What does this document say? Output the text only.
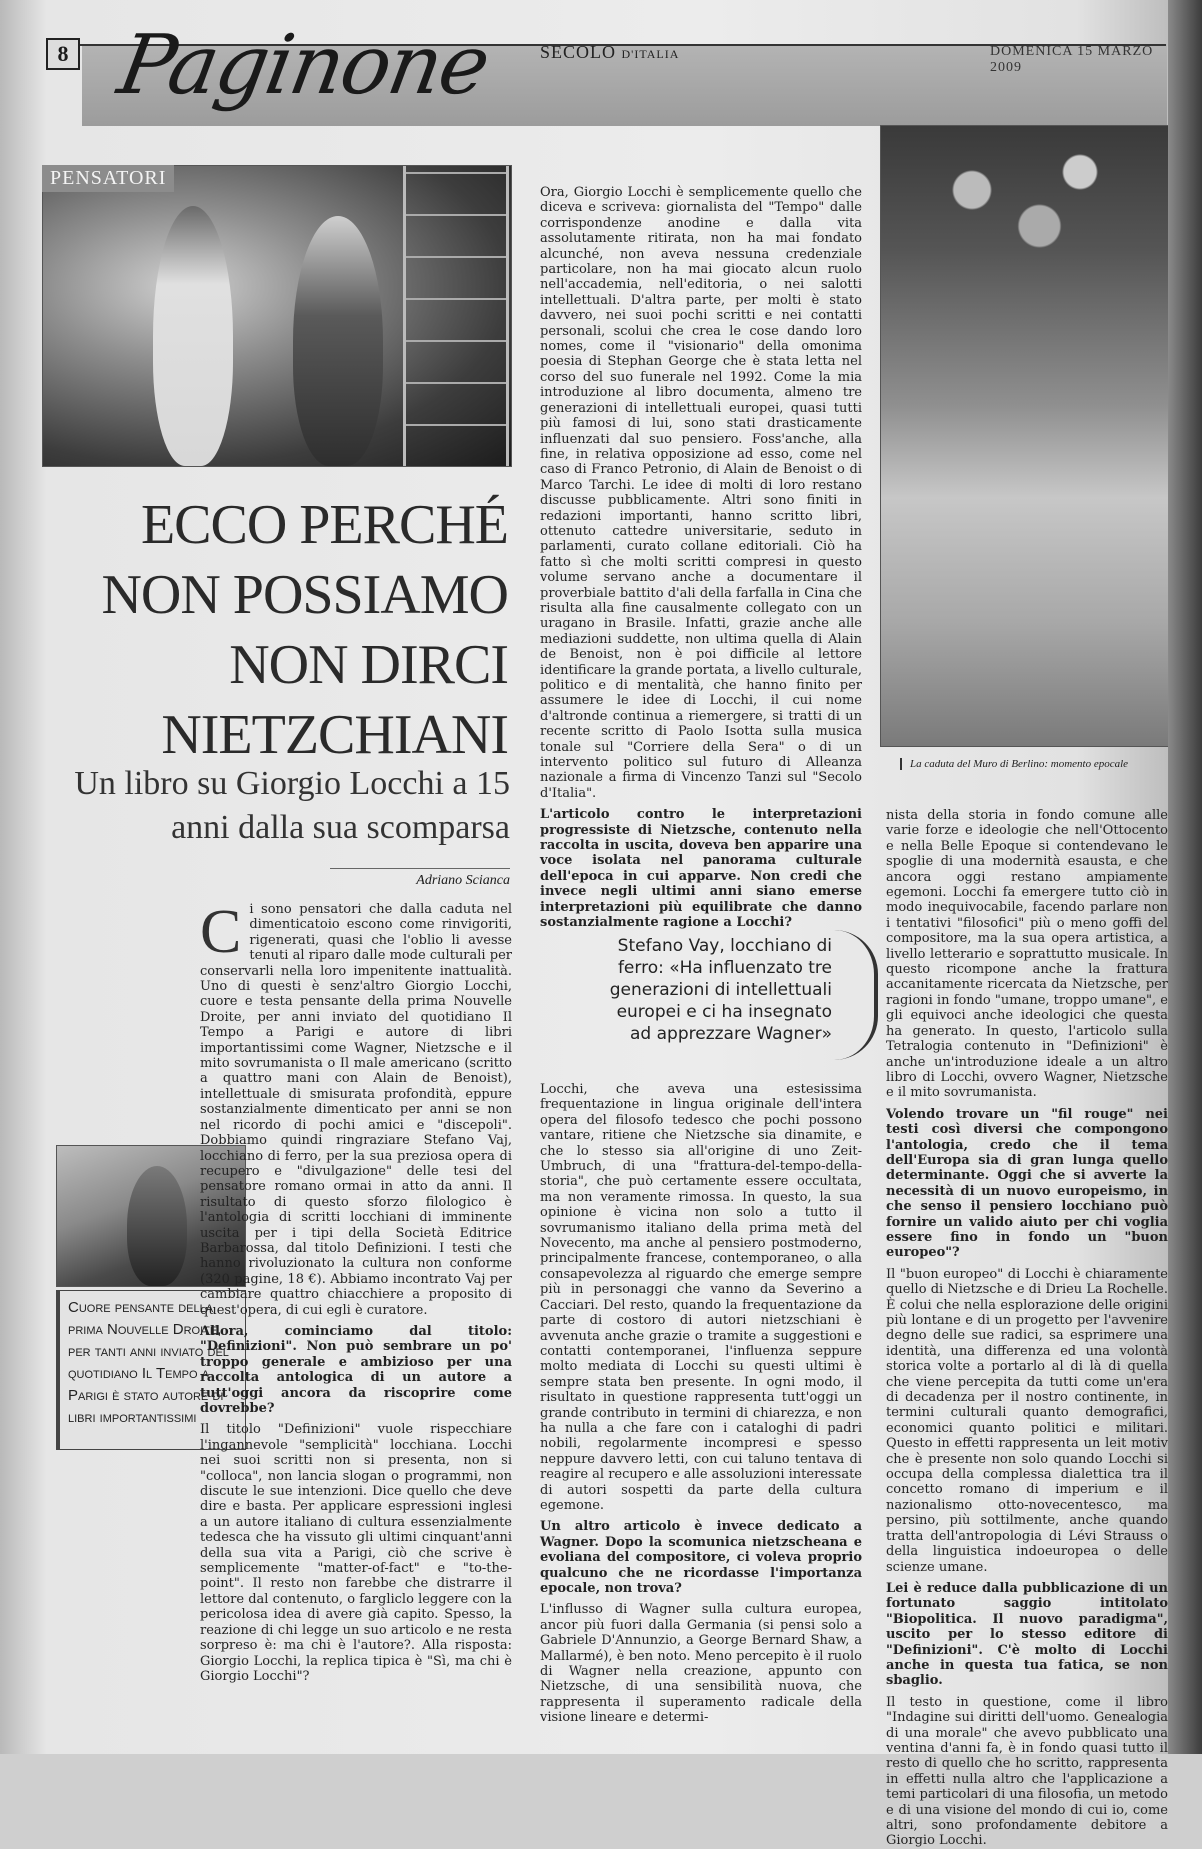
8 Paginone SECOLO D'ITALIA	DOMENICA 15 MARZO 2009
PENSATORI
La caduta del Muro di Berlino: momento epocale
ECCO PERCHÉ NON POSSIAMO NON DIRCI NIETZCHIANI
Un libro su Giorgio Locchi a 15 anni dalla sua scomparsa
Adriano Scianca
Cuore pensante della prima Nouvelle Droite, per tanti anni inviato del quotidiano Il Tempo a Parigi è stato autore di libri importantissimi
C i sono pensatori che dalla caduta nel dimenticatoio escono come rinvigoriti, rigenerati, quasi che l'oblio li avesse tenuti al riparo dalle mode culturali per conservarli nella loro impenitente inattualità. Uno di questi è senz'altro Giorgio Locchi, cuore e testa pensante della prima Nouvelle Droite, per anni inviato del quotidiano Il Tempo a Parigi e autore di libri importantissimi come Wagner, Nietzsche e il mito sovrumanista o Il male americano (scritto a quattro mani con Alain de Benoist), intellettuale di smisurata profondità, eppure sostanzialmente dimenticato per anni se non nel ricordo di pochi amici e "discepoli". Dobbiamo quindi ringraziare Stefano Vaj, locchiano di ferro, per la sua preziosa opera di recupero e "divulgazione" delle tesi del pensatore romano ormai in atto da anni. Il risultato di questo sforzo filologico è l'antologia di scritti locchiani di imminente uscita per i tipi della Società Editrice Barbarossa, dal titolo Definizioni. I testi che hanno rivoluzionato la cultura non conforme (320 pagine, 18 €). Abbiamo incontrato Vaj per cambiare quattro chiacchiere a proposito di quest'opera, di cui egli è curatore.

Allora, cominciamo dal titolo: "Definizioni". Non può sembrare un po' troppo generale e ambizioso per una raccolta antologica di un autore a tutt'oggi ancora da riscoprire come dovrebbe?

Il titolo "Definizioni" vuole rispecchiare l'ingannevole "semplicità" locchiana. Locchi nei suoi scritti non si presenta, non si "colloca", non lancia slogan o programmi, non discute le sue intenzioni. Dice quello che deve dire e basta. Per applicare espressioni inglesi a un autore italiano di cultura essenzialmente tedesca che ha vissuto gli ultimi cinquant'anni della sua vita a Parigi, ciò che scrive è semplicemente "matter-of-fact" e "to-the-point". Il resto non farebbe che distrarre il lettore dal contenuto, o fargliclo leggere con la pericolosa idea di avere già capito. Spesso, la reazione di chi legge un suo articolo e ne resta sorpreso è: ma chi è l'autore?. Alla risposta: Giorgio Locchi, la replica tipica è "Sì, ma chi è Giorgio Locchi"?

Ora, Giorgio Locchi è semplicemente quello che diceva e scriveva: giornalista del "Tempo" dalle corrispondenze anodine e dalla vita assolutamente ritirata, non ha mai fondato alcunché, non aveva nessuna credenziale particolare, non ha mai giocato alcun ruolo nell'accademia, nell'editoria, o nei salotti intellettuali. D'altra parte, per molti è stato davvero, nei suoi pochi scritti e nei contatti personali, scolui che crea le cose dando loro nomes, come il "visionario" della omonima poesia di Stephan George che è stata letta nel corso del suo funerale nel 1992. Come la mia introduzione al libro documenta, almeno tre generazioni di intellettuali europei, quasi tutti più famosi di lui, sono stati drasticamente influenzati dal suo pensiero. Foss'anche, alla fine, in relativa opposizione ad esso, come nel caso di Franco Petronio, di Alain de Benoist o di Marco Tarchi. Le idee di molti di loro restano discusse pubblicamente. Altri sono finiti in redazioni importanti, hanno scritto libri, ottenuto cattedre universitarie, seduto in parlamenti, curato collane editoriali. Ciò ha fatto sì che molti scritti compresi in questo volume servano anche a documentare il proverbiale battito d'ali della farfalla in Cina che risulta alla fine causalmente collegato con un uragano in Brasile. Infatti, grazie anche alle mediazioni suddette, non ultima quella di Alain de Benoist, non è poi difficile al lettore identificare la grande portata, a livello culturale, politico e di mentalità, che hanno finito per assumere le idee di Locchi, il cui nome d'altronde continua a riemergere, si tratti di un recente scritto di Paolo Isotta sulla musica tonale sul "Corriere della Sera" o di un intervento politico sul futuro di Alleanza nazionale a firma di Vincenzo Tanzi sul "Secolo d'Italia".

L'articolo contro le interpretazioni progressiste di Nietzsche, contenuto nella raccolta in uscita, doveva ben apparire una voce isolata nel panorama culturale dell'epoca in cui apparve. Non credi che invece negli ultimi anni siano emerse interpretazioni più equilibrate che danno sostanzialmente ragione a Locchi?

Stefano Vay, locchiano di ferro: «Ha influenzato tre generazioni di intellettuali europei e ci ha insegnato ad apprezzare Wagner»

Locchi, che aveva una estesissima frequentazione in lingua originale dell'intera opera del filosofo tedesco che pochi possono vantare, ritiene che Nietzsche sia dinamite, e che lo stesso sia all'origine di uno Zeit-Umbruch, di una "frattura-del-tempo-della-storia", che può certamente essere occultata, ma non veramente rimossa. In questo, la sua opinione è vicina non solo a tutto il sovrumanismo italiano della prima metà del Novecento, ma anche al pensiero postmoderno, principalmente francese, contemporaneo, o alla consapevolezza al riguardo che emerge sempre più in personaggi che vanno da Severino a Cacciari. Del resto, quando la frequentazione da parte di costoro di autori nietzschiani è avvenuta anche grazie o tramite a suggestioni e contatti contemporanei, l'influenza seppure molto mediata di Locchi su questi ultimi è sempre stata ben presente. In ogni modo, il risultato in questione rappresenta tutt'oggi un grande contributo in termini di chiarezza, e non ha nulla a che fare con i cataloghi di padri nobili, regolarmente incompresi e spesso neppure davvero letti, con cui taluno tentava di reagire al recupero e alle assoluzioni interessate di autori sospetti da parte della cultura egemone.

Un altro articolo è invece dedicato a Wagner. Dopo la scomunica nietzscheana e evoliana del compositore, ci voleva proprio qualcuno che ne ricordasse l'importanza epocale, non trova?

L'influsso di Wagner sulla cultura europea, ancor più fuori dalla Germania (si pensi solo a Gabriele D'Annunzio, a George Bernard Shaw, a Mallarmé), è ben noto. Meno percepito è il ruolo di Wagner nella creazione, appunto con Nietzsche, di una sensibilità nuova, che rappresenta il superamento radicale della visione lineare e determi-

nista della storia in fondo comune alle varie forze e ideologie che nell'Ottocento e nella Belle Epoque si contendevano le spoglie di una modernità esausta, e che ancora oggi restano ampiamente egemoni. Locchi fa emergere tutto ciò in modo inequivocabile, facendo parlare non i tentativi "filosofici" più o meno goffi del compositore, ma la sua opera artistica, a livello letterario e soprattutto musicale. In questo ricompone anche la frattura accanitamente ricercata da Nietzsche, per ragioni in fondo "umane, troppo umane", e gli equivoci anche ideologici che questa ha generato. In questo, l'articolo sulla Tetralogia contenuto in "Definizioni" è anche un'introduzione ideale a un altro libro di Locchi, ovvero Wagner, Nietzsche e il mito sovrumanista.

Volendo trovare un "fil rouge" nei testi così diversi che compongono l'antologia, credo che il tema dell'Europa sia di gran lunga quello determinante. Oggi che si avverte la necessità di un nuovo europeismo, in che senso il pensiero locchiano può fornire un valido aiuto per chi voglia essere fino in fondo un "buon europeo"?

Il "buon europeo" di Locchi è chiaramente quello di Nietzsche e di Drieu La Rochelle. È colui che nella esplorazione delle origini più lontane e di un progetto per l'avvenire degno delle sue radici, sa esprimere una identità, una differenza ed una volontà storica volte a portarlo al di là di quella che viene percepita da tutti come un'era di decadenza per il nostro continente, in termini culturali quanto demografici, economici quanto politici e militari. Questo in effetti rappresenta un leit motiv che è presente non solo quando Locchi si occupa della complessa dialettica tra il concetto romano di imperium e il nazionalismo otto-novecentesco, ma persino, più sottilmente, anche quando tratta dell'antropologia di Lévi Strauss o della linguistica indoeuropea o delle scienze umane.

Lei è reduce dalla pubblicazione di un fortunato saggio intitolato "Biopolitica. Il nuovo paradigma", uscito per lo stesso editore di "Definizioni". C'è molto di Locchi anche in questa tua fatica, se non sbaglio.

Il testo in questione, come il libro "Indagine sui diritti dell'uomo. Genealogia di una morale" che avevo pubblicato una ventina d'anni fa, è in fondo quasi tutto il resto di quello che ho scritto, rappresenta in effetti nulla altro che l'applicazione a temi particolari di una filosofia, un metodo e di una visione del mondo di cui io, come altri, sono profondamente debitore a Giorgio Locchi.
